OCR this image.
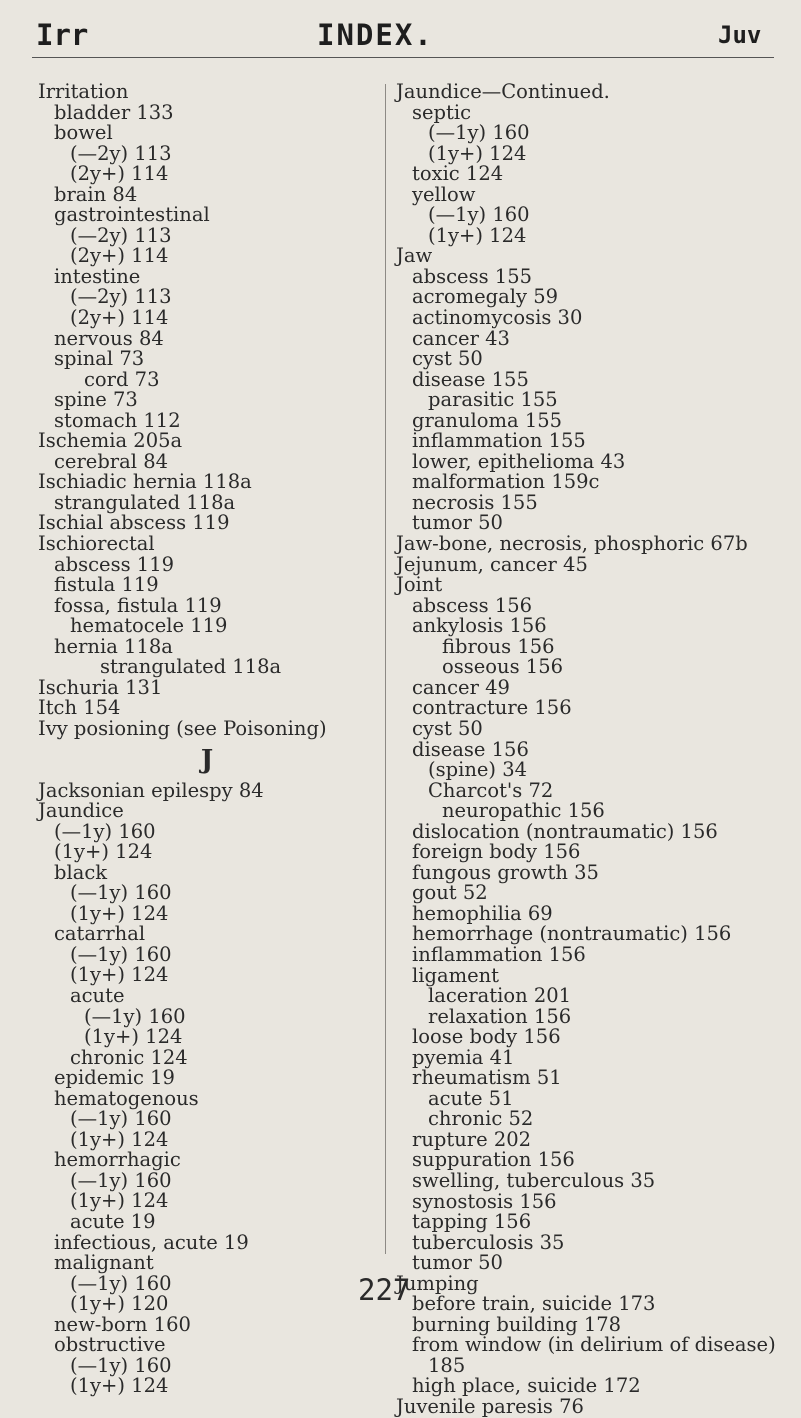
Irr	INDEX.	Juv
Irritation
bladder 133
bowel
(—2y) 113
(2y+) 114
brain 84
gastrointestinal
(—2y) 113
(2y+) 114
intestine
(—2y) 113
(2y+) 114
nervous 84
spinal 73
cord 73
spine 73
stomach 112
Ischemia 205a
cerebral 84
Ischiadic hernia 118a
strangulated 118a
Ischial abscess 119
Ischiorectal
abscess 119
fistula 119
fossa, fistula 119
hematocele 119
hernia 118a
strangulated 118a
Ischuria 131
Itch 154
Ivy posioning (see Poisoning)
J
Jacksonian epilespy 84
Jaundice
(—1y) 160
(1y+) 124
black
(—1y) 160
(1y+) 124
catarrhal
(—1y) 160
(1y+) 124
acute
(—1y) 160
(1y+) 124
chronic 124
epidemic 19
hematogenous
(—1y) 160
(1y+) 124
hemorrhagic
(—1y) 160
(1y+) 124
acute 19
infectious, acute 19
malignant
(—1y) 160
(1y+) 120
new-born 160
obstructive
(—1y) 160
(1y+) 124
Jaundice—Continued.
septic
(—1y) 160
(1y+) 124
toxic 124
yellow
(—1y) 160
(1y+) 124
Jaw
abscess 155
acromegaly 59
actinomycosis 30
cancer 43
cyst 50
disease 155
parasitic 155
granuloma 155
inflammation 155
lower, epithelioma 43
malformation 159c
necrosis 155
tumor 50
Jaw-bone, necrosis, phosphoric 67b
Jejunum, cancer 45
Joint
abscess 156
ankylosis 156
fibrous 156
osseous 156
cancer 49
contracture 156
cyst 50
disease 156
(spine) 34
Charcot's 72
neuropathic 156
dislocation (nontraumatic) 156
foreign body 156
fungous growth 35
gout 52
hemophilia 69
hemorrhage (nontraumatic) 156
inflammation 156
ligament
laceration 201
relaxation 156
loose body 156
pyemia 41
rheumatism 51
acute 51
chronic 52
rupture 202
suppuration 156
swelling, tuberculous 35
synostosis 156
tapping 156
tuberculosis 35
tumor 50
Jumping
before train, suicide 173
burning building 178
from window (in delirium of disease)
185
high place, suicide 172
Juvenile paresis 76
227
